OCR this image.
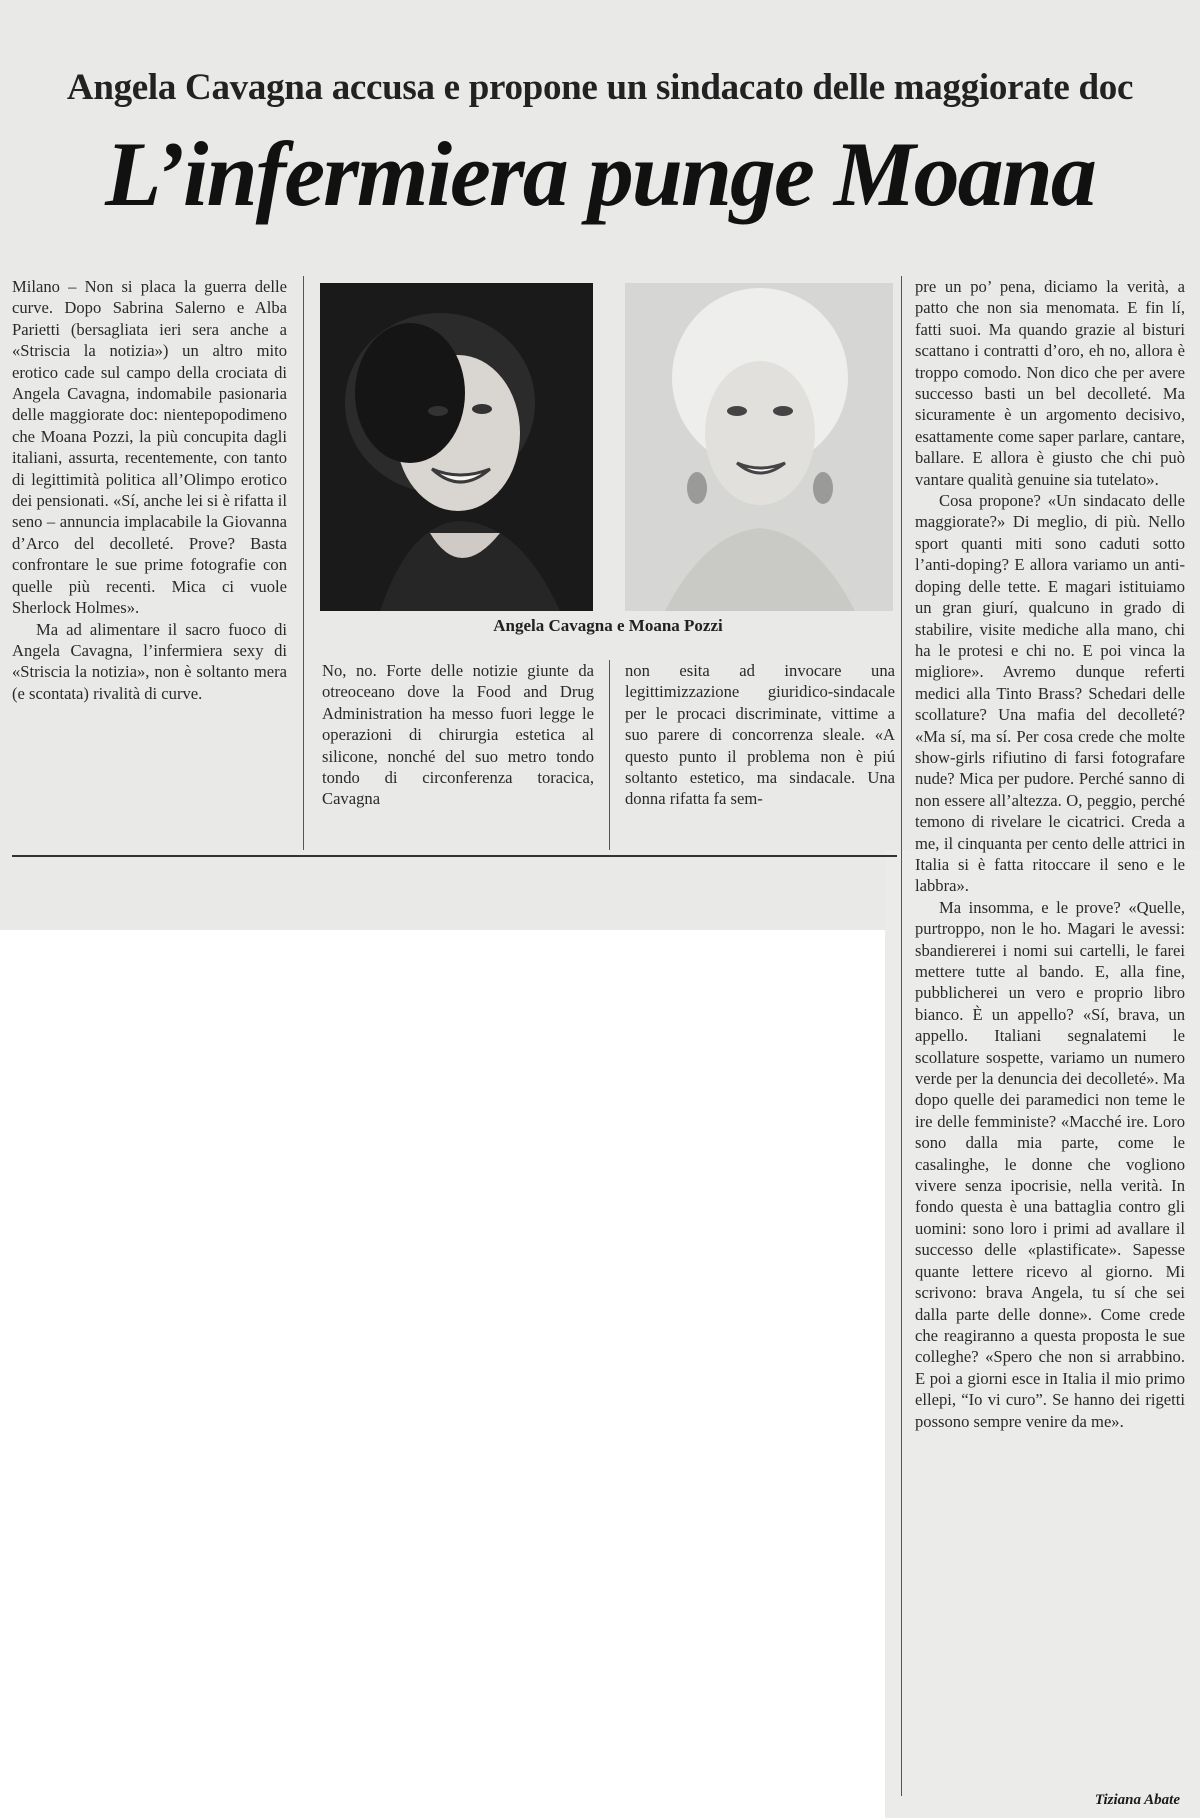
Angela Cavagna accusa e propone un sindacato delle maggiorate doc
L’infermiera punge Moana

Milano – Non si placa la guerra delle curve. Dopo Sabrina Salerno e Alba Parietti (bersagliata ieri sera anche a «Striscia la notizia») un altro mito erotico cade sul campo della crociata di Angela Cavagna, indomabile pasionaria delle maggiorate doc: nientepopodimeno che Moana Pozzi, la più concupita dagli italiani, assurta, recentemente, con tanto di legittimità politica all’Olimpo erotico dei pensionati. «Sí, anche lei si è rifatta il seno – annuncia implacabile la Giovanna d’Arco del decolleté. Prove? Basta confrontare le sue prime fotografie con quelle più recenti. Mica ci vuole Sherlock Holmes».

Ma ad alimentare il sacro fuoco di Angela Cavagna, l’infermiera sexy di «Striscia la notizia», non è soltanto mera (e scontata) rivalità di curve.

Angela Cavagna e Moana Pozzi

No, no. Forte delle notizie giunte da otreoceano dove la Food and Drug Administration ha messo fuori legge le operazioni di chirurgia estetica al silicone, nonché del suo metro tondo tondo di circonferenza toracica, Cavagna

non esita ad invocare una legittimizzazione giuridico-sindacale per le procaci discriminate, vittime a suo parere di concorrenza sleale. «A questo punto il problema non è piú soltanto estetico, ma sindacale. Una donna rifatta fa sem-

pre un po’ pena, diciamo la verità, a patto che non sia menomata. E fin lí, fatti suoi. Ma quando grazie al bisturi scattano i contratti d’oro, eh no, allora è troppo comodo. Non dico che per avere successo basti un bel decolleté. Ma sicuramente è un argomento decisivo, esattamente come saper parlare, cantare, ballare. E allora è giusto che chi può vantare qualità genuine sia tutelato».

Cosa propone? «Un sindacato delle maggiorate?» Di meglio, di più. Nello sport quanti miti sono caduti sotto l’anti-doping? E allora variamo un anti-doping delle tette. E magari istituiamo un gran giurí, qualcuno in grado di stabilire, visite mediche alla mano, chi ha le protesi e chi no. E poi vinca la migliore». Avremo dunque referti medici alla Tinto Brass? Schedari delle scollature? Una mafia del decolleté? «Ma sí, ma sí. Per cosa crede che molte show-girls rifiutino di farsi fotografare nude? Mica per pudore. Perché sanno di non essere all’altezza. O, peggio, perché temono di rivelare le cicatrici. Creda a me, il cinquanta per cento delle attrici in Italia si è fatta ritoccare il seno e le labbra».

Ma insomma, e le prove? «Quelle, purtroppo, non le ho. Magari le avessi: sbandiererei i nomi sui cartelli, le farei mettere tutte al bando. E, alla fine, pubblicherei un vero e proprio libro bianco. È un appello? «Sí, brava, un appello. Italiani segnalatemi le scollature sospette, variamo un numero verde per la denuncia dei decolleté». Ma dopo quelle dei paramedici non teme le ire delle femministe? «Macché ire. Loro sono dalla mia parte, come le casalinghe, le donne che vogliono vivere senza ipocrisie, nella verità. In fondo questa è una battaglia contro gli uomini: sono loro i primi ad avallare il successo delle «plastificate». Sapesse quante lettere ricevo al giorno. Mi scrivono: brava Angela, tu sí che sei dalla parte delle donne». Come crede che reagiranno a questa proposta le sue colleghe? «Spero che non si arrabbino. E poi a giorni esce in Italia il mio primo ellepi, “Io vi curo”. Se hanno dei rigetti possono sempre venire da me».

Tiziana Abate
